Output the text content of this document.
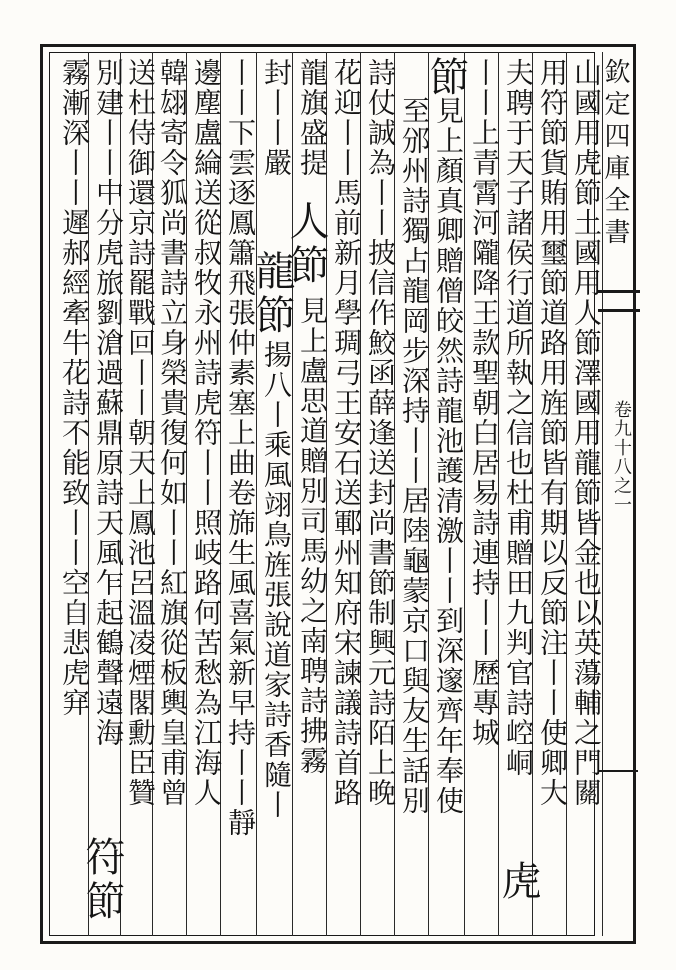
欽定四庫全書
卷九十八之一
山國用虎節土國用人節澤國用龍節皆金也以英蕩輔之門關
用符節貨賄用璽節道路用旌節皆有期以反節注丨丨使卿大
夫聘于天子諸侯行道所執之信也杜甫贈田九判官詩崆峒
丨丨上青霄河隴降王款聖朝白居易詩連持丨丨歷專城
虎
節
見上顏真卿贈僧皎然詩龍池護清激丨丨到深邃齊年奉使
至邠州詩獨占龍岡步深持丨丨居陸龜蒙京口與友生話別
詩仗誠為丨丨披信作鮫函薛逢送封尚書節制興元詩陌上晚
花迎丨丨馬前新月學琱弓王安石送鄆州知府宋諫議詩首路
龍旗盛提
人
節
見上盧思道贈別司馬幼之南聘詩拂霧
封丨丨嚴
龍
節
揚八丨乘風翊鳥旌張說道家詩香隨丨
丨丨下雲逐鳳簫飛張仲素塞上曲卷旆生風喜氣新早持丨丨靜
邊塵盧綸送從叔牧永州詩虎符丨丨照岐路何苦愁為江海人
韓翃寄令狐尚書詩立身榮貴復何如丨丨紅旗從板輿皇甫曾
送杜侍御還京詩罷戰回丨丨朝天上鳳池呂溫凌煙閣勳臣贊
別建丨丨中分虎旅劉滄過蘇鼎原詩天風乍起鶴聲遠海
霧漸深丨丨遲郝經牽牛花詩不能致丨丨空自悲虎穽
符
節
